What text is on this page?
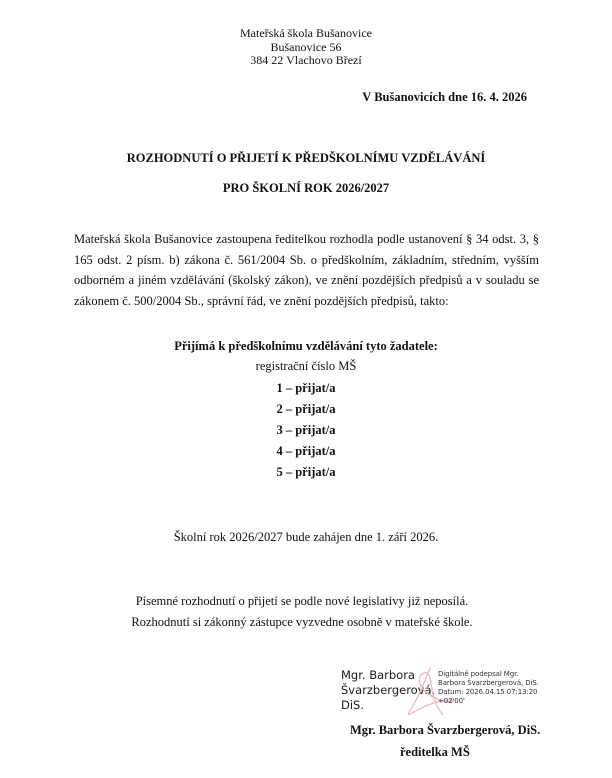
Mateřská škola Bušanovice
Bušanovice 56
384 22 Vlachovo Březí
V Bušanovicích dne 16. 4. 2026
ROZHODNUTÍ O PŘIJETÍ K PŘEDŠKOLNÍMU VZDĚLÁVÁNÍ
PRO ŠKOLNÍ ROK 2026/2027
Mateřská škola Bušanovice zastoupena ředitelkou rozhodla podle ustanovení § 34 odst. 3, § 165 odst. 2 písm. b) zákona č. 561/2004 Sb. o předškolním, základním, středním, vyšším odborném a jiném vzdělávání (školský zákon), ve znění pozdějších předpisů a v souladu se zákonem č. 500/2004 Sb., správní řád, ve znění pozdějších předpisů, takto:
Přijímá k předškolnímu vzdělávání tyto žadatele:
registrační číslo MŠ
1 – přijat/a
2 – přijat/a
3 – přijat/a
4 – přijat/a
5 – přijat/a
Školní rok 2026/2027 bude zahájen dne 1. září 2026.
Písemné rozhodnutí o přijetí se podle nové legislativy již neposílá.
Rozhodnutí si zákonný zástupce vyzvedne osobně v mateřské škole.
Mgr. Barbora
Švarzbergerová,
DiS.
Digitálně podepsal Mgr.
Barbora Švarzbergerová, DiS.
Datum: 2026.04.15 07:13:20
+02'00'
Mgr. Barbora Švarzbergerová, DiS.
ředitelka MŠ
